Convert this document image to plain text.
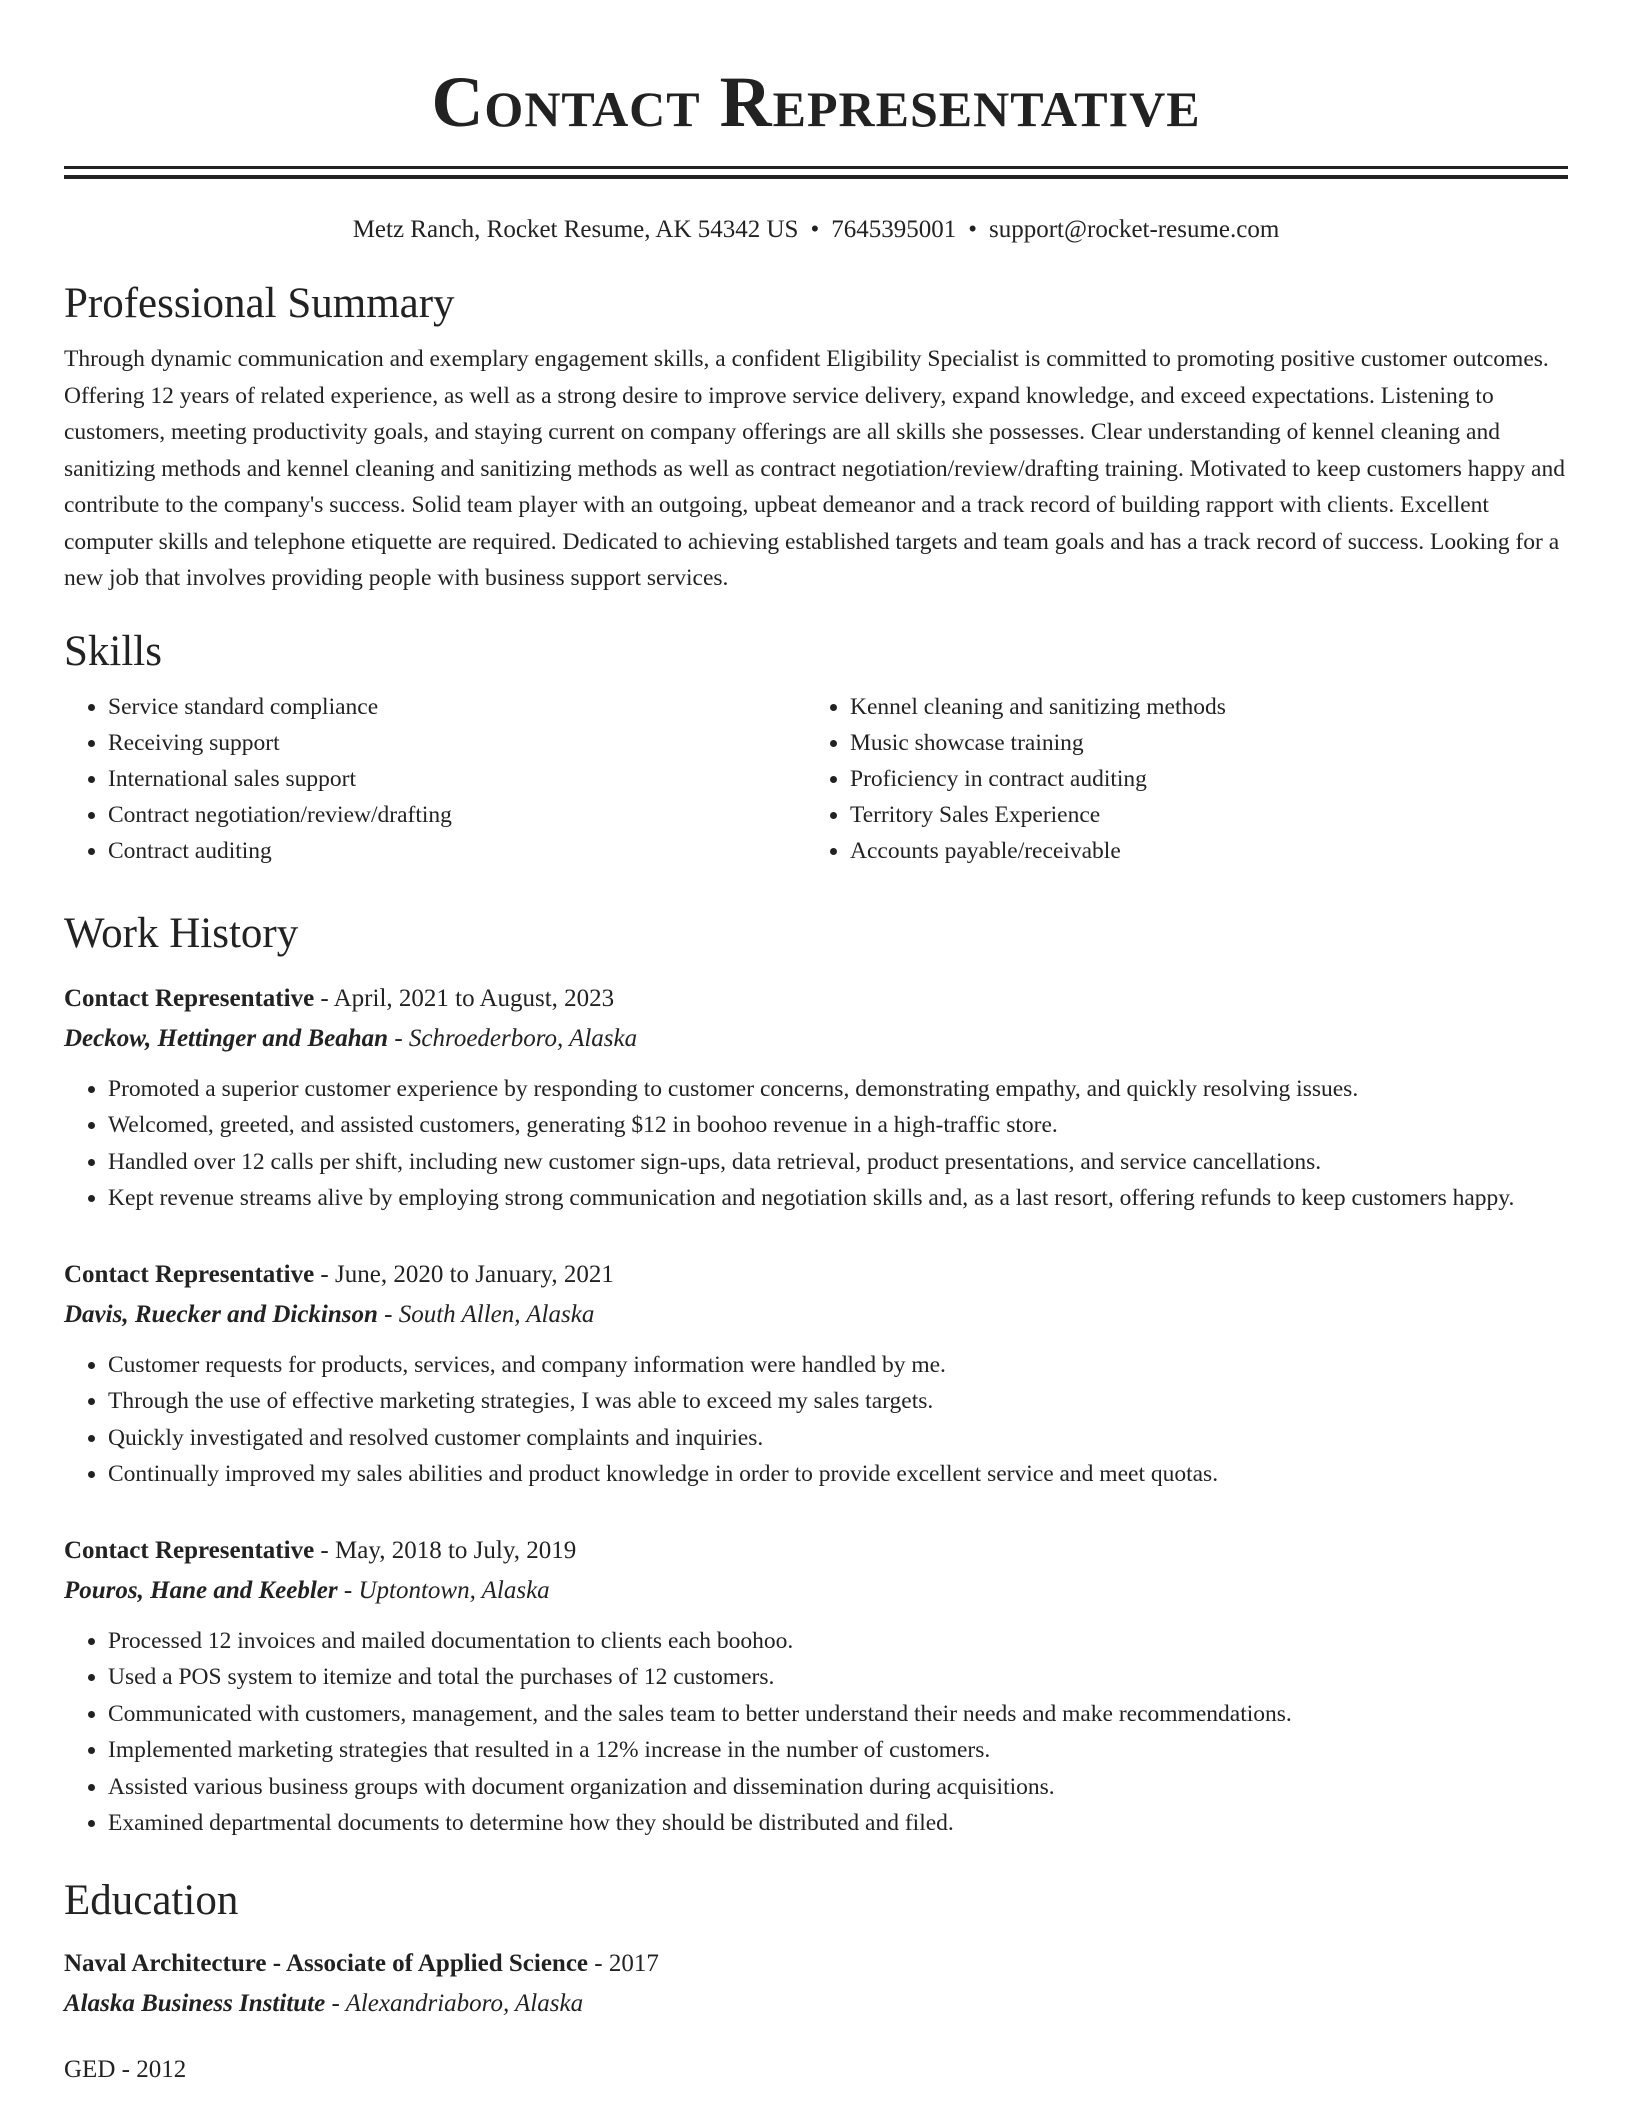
Contact Representative
Metz Ranch, Rocket Resume, AK 54342 US • 7645395001 • support@rocket-resume.com
Professional Summary

Through dynamic communication and exemplary engagement skills, a confident Eligibility Specialist is committed to promoting positive customer outcomes. Offering 12 years of related experience, as well as a strong desire to improve service delivery, expand knowledge, and exceed expectations. Listening to customers, meeting productivity goals, and staying current on company offerings are all skills she possesses. Clear understanding of kennel cleaning and sanitizing methods and kennel cleaning and sanitizing methods as well as contract negotiation/review/drafting training. Motivated to keep customers happy and contribute to the company's success. Solid team player with an outgoing, upbeat demeanor and a track record of building rapport with clients. Excellent computer skills and telephone etiquette are required. Dedicated to achieving established targets and team goals and has a track record of success. Looking for a new job that involves providing people with business support services.

Skills
• Service standard compliance
• Receiving support
• International sales support
• Contract negotiation/review/drafting
• Contract auditing
• Kennel cleaning and sanitizing methods
• Music showcase training
• Proficiency in contract auditing
• Territory Sales Experience
• Accounts payable/receivable
Work History
Contact Representative - April, 2021 to August, 2023
Deckow, Hettinger and Beahan - Schroederboro, Alaska
• Promoted a superior customer experience by responding to customer concerns, demonstrating empathy, and quickly resolving issues.
• Welcomed, greeted, and assisted customers, generating $12 in boohoo revenue in a high-traffic store.
• Handled over 12 calls per shift, including new customer sign-ups, data retrieval, product presentations, and service cancellations.
• Kept revenue streams alive by employing strong communication and negotiation skills and, as a last resort, offering refunds to keep customers happy.
Contact Representative - June, 2020 to January, 2021
Davis, Ruecker and Dickinson - South Allen, Alaska
• Customer requests for products, services, and company information were handled by me.
• Through the use of effective marketing strategies, I was able to exceed my sales targets.
• Quickly investigated and resolved customer complaints and inquiries.
• Continually improved my sales abilities and product knowledge in order to provide excellent service and meet quotas.
Contact Representative - May, 2018 to July, 2019
Pouros, Hane and Keebler - Uptontown, Alaska
• Processed 12 invoices and mailed documentation to clients each boohoo.
• Used a POS system to itemize and total the purchases of 12 customers.
• Communicated with customers, management, and the sales team to better understand their needs and make recommendations.
• Implemented marketing strategies that resulted in a 12% increase in the number of customers.
• Assisted various business groups with document organization and dissemination during acquisitions.
• Examined departmental documents to determine how they should be distributed and filed.
Education
Naval Architecture - Associate of Applied Science - 2017
Alaska Business Institute - Alexandriaboro, Alaska
GED - 2012
